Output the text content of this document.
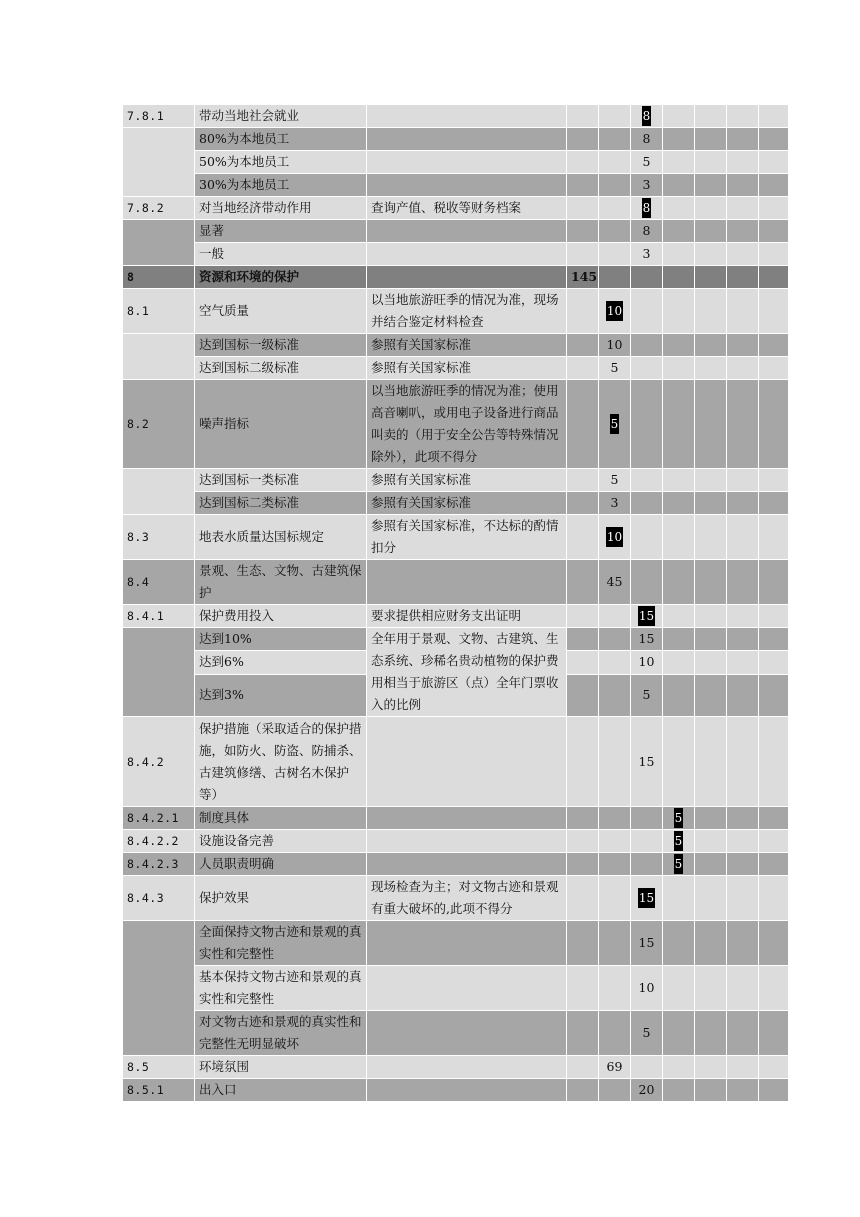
7.8.1	带动当地社会就业				8				
	80%为本地员工				8				
	50%为本地员工				5				
	30%为本地员工				3				
7.8.2	对当地经济带动作用	查询产值、税收等财务档案			8				
	显著				8				
	一般				3				
8	资源和环境的保护		145						
8.1	空气质量	以当地旅游旺季的情况为准，现场并结合鉴定材料检查		10					
	达到国标一级标准	参照有关国家标准		10					
	达到国标二级标准	参照有关国家标准		5					
8.2	噪声指标	以当地旅游旺季的情况为准；使用高音喇叭，或用电子设备进行商品叫卖的（用于安全公告等特殊情况除外），此项不得分		5					
	达到国标一类标准	参照有关国家标准		5					
	达到国标二类标准	参照有关国家标准		3					
8.3	地表水质量达国标规定	参照有关国家标准，不达标的酌情扣分		10					
8.4	景观、生态、文物、古建筑保护			45					
8.4.1	保护费用投入	要求提供相应财务支出证明			15				
	达到10%	全年用于景观、文物、古建筑、生态系统、珍稀名贵动植物的保护费用相当于旅游区（点）全年门票收入的比例			15				
	达到6%				10				
	达到3%				5				
8.4.2	保护措施（采取适合的保护措施，如防火、防盗、防捕杀、古建筑修缮、古树名木保护等）				15				
8.4.2.1	制度具体					5			
8.4.2.2	设施设备完善					5			
8.4.2.3	人员职责明确					5			
8.4.3	保护效果	现场检查为主；对文物古迹和景观有重大破坏的,此项不得分			15				
	全面保持文物古迹和景观的真实性和完整性				15				
	基本保持文物古迹和景观的真实性和完整性				10				
	对文物古迹和景观的真实性和完整性无明显破坏				5				
8.5	环境氛围			69					
8.5.1	出入口				20				
